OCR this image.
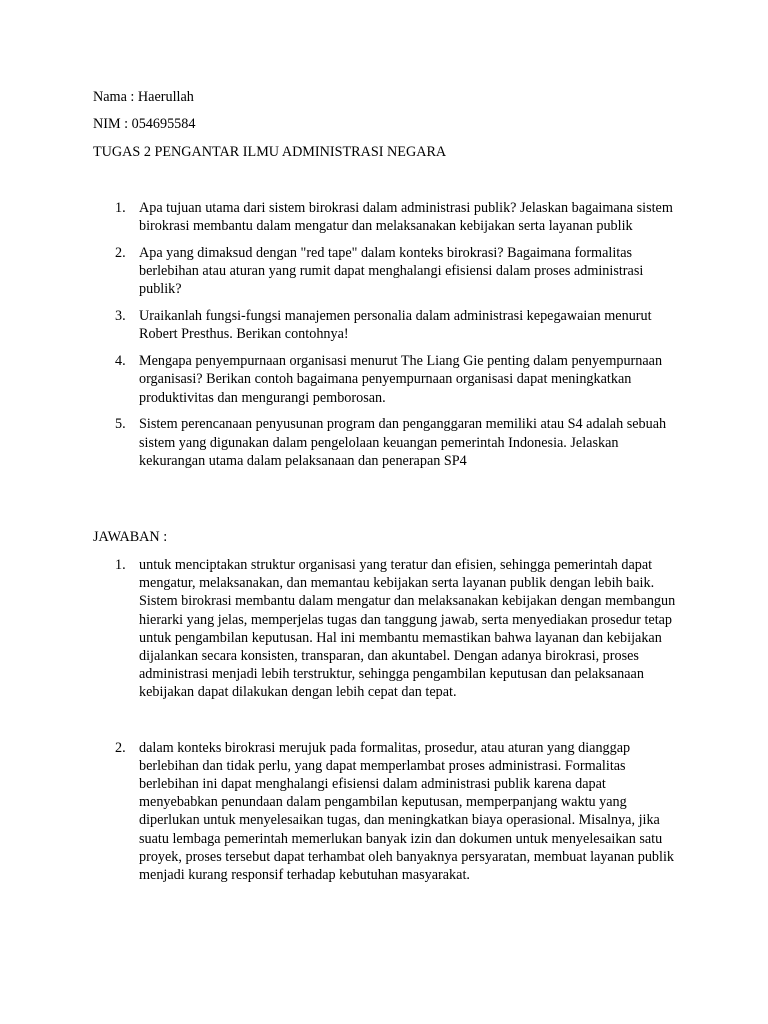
Nama : Haerullah
NIM : 054695584
TUGAS 2 PENGANTAR ILMU ADMINISTRASI NEGARA
1. Apa tujuan utama dari sistem birokrasi dalam administrasi publik? Jelaskan bagaimana sistem birokrasi membantu dalam mengatur dan melaksanakan kebijakan serta layanan publik
2. Apa yang dimaksud dengan "red tape" dalam konteks birokrasi? Bagaimana formalitas berlebihan atau aturan yang rumit dapat menghalangi efisiensi dalam proses administrasi publik?
3. Uraikanlah fungsi-fungsi manajemen personalia dalam administrasi kepegawaian menurut Robert Presthus. Berikan contohnya!
4. Mengapa penyempurnaan organisasi menurut The Liang Gie penting dalam penyempurnaan organisasi? Berikan contoh bagaimana penyempurnaan organisasi dapat meningkatkan produktivitas dan mengurangi pemborosan.
5. Sistem perencanaan penyusunan program dan penganggaran memiliki atau S4 adalah sebuah sistem yang digunakan dalam pengelolaan keuangan pemerintah Indonesia. Jelaskan kekurangan utama dalam pelaksanaan dan penerapan SP4
JAWABAN :
1. untuk menciptakan struktur organisasi yang teratur dan efisien, sehingga pemerintah dapat mengatur, melaksanakan, dan memantau kebijakan serta layanan publik dengan lebih baik. Sistem birokrasi membantu dalam mengatur dan melaksanakan kebijakan dengan membangun hierarki yang jelas, memperjelas tugas dan tanggung jawab, serta menyediakan prosedur tetap untuk pengambilan keputusan. Hal ini membantu memastikan bahwa layanan dan kebijakan dijalankan secara konsisten, transparan, dan akuntabel. Dengan adanya birokrasi, proses administrasi menjadi lebih terstruktur, sehingga pengambilan keputusan dan pelaksanaan kebijakan dapat dilakukan dengan lebih cepat dan tepat.
2. dalam konteks birokrasi merujuk pada formalitas, prosedur, atau aturan yang dianggap berlebihan dan tidak perlu, yang dapat memperlambat proses administrasi. Formalitas berlebihan ini dapat menghalangi efisiensi dalam administrasi publik karena dapat menyebabkan penundaan dalam pengambilan keputusan, memperpanjang waktu yang diperlukan untuk menyelesaikan tugas, dan meningkatkan biaya operasional. Misalnya, jika suatu lembaga pemerintah memerlukan banyak izin dan dokumen untuk menyelesaikan satu proyek, proses tersebut dapat terhambat oleh banyaknya persyaratan, membuat layanan publik menjadi kurang responsif terhadap kebutuhan masyarakat.
